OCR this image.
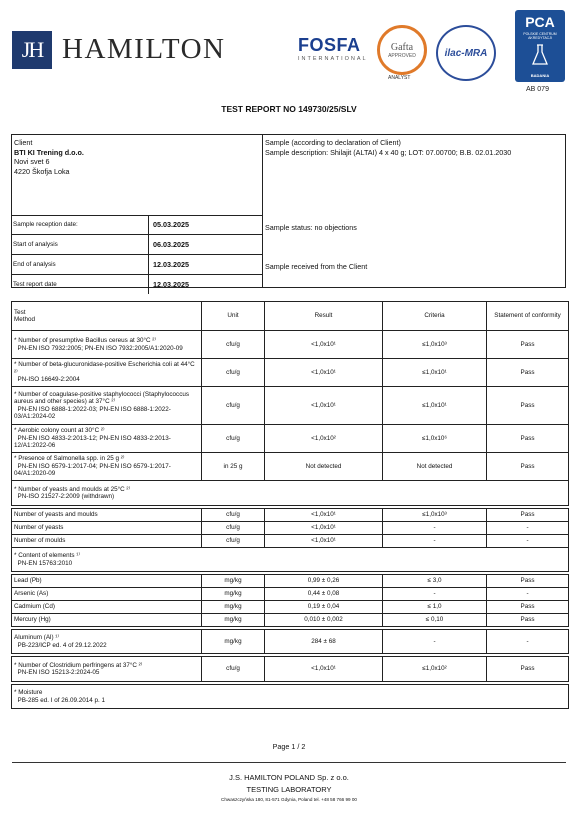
JH HAMILTON	FOSFA
INTERNATIONAL
Gafta
APPROVED
ANALYST
ilac-MRA
PCA
POLSKIE CENTRUM AKREDYTACJI
BADANIA
AB 079
TEST REPORT NO 149730/25/SLV
Client
BTI KI Trening d.o.o.
Novi svet 6
4220 Škofja Loka
Sample (according to declaration of Client)
Sample description: Shilajit (ALTAI) 4 x 40 g; LOT: 07.00700; B.B. 02.01.2030
Sample status: no objections
Sample received from the Client
Sample reception date:	05.03.2025
Start of analysis	06.03.2025
End of analysis	12.03.2025
Test report date	12.03.2025
Test
Method	Unit	Result	Criteria	Statement of conformity
* Number of presumptive Bacillus cereus at 30°C ²⁾
PN-EN ISO 7932:2005; PN-EN ISO 7932:2005/A1:2020-09	cfu/g	<1,0x10¹	≤1,0x10³	Pass
* Number of beta-glucuronidase-positive Escherichia coli at 44°C ²⁾
PN-ISO 16649-2:2004	cfu/g	<1,0x10¹	≤1,0x10¹	Pass
* Number of coagulase-positive staphylococci (Staphylococcus aureus and other species) at 37°C ²⁾
PN-EN ISO 6888-1:2022-03; PN-EN ISO 6888-1:2022-03/A1:2024-02	cfu/g	<1,0x10¹	≤1,0x10¹	Pass
* Aerobic colony count at 30°C ²⁾
PN-EN ISO 4833-2:2013-12; PN-EN ISO 4833-2:2013-12/A1:2022-06	cfu/g	<1,0x10²	≤1,0x10⁶	Pass
* Presence of Salmonella spp. in 25 g ²⁾
PN-EN ISO 6579-1:2017-04; PN-EN ISO 6579-1:2017-04/A1:2020-09	in 25 g	Not detected	Not detected	Pass
* Number of yeasts and moulds at 25°C ²⁾
PN-ISO 21527-2:2009 (withdrawn)				

Number of yeasts and moulds	cfu/g	<1,0x10¹	≤1,0x10³	Pass
Number of yeasts	cfu/g	<1,0x10¹	-	-
Number of moulds	cfu/g	<1,0x10¹	-	-
* Content of elements ¹⁾
PN-EN 15763:2010				

Lead (Pb)	mg/kg	0,99 ± 0,26	≤ 3,0	Pass
Arsenic (As)	mg/kg	0,44 ± 0,08	-	-
Cadmium (Cd)	mg/kg	0,19 ± 0,04	≤ 1,0	Pass
Mercury (Hg)	mg/kg	0,010 ± 0,002	≤ 0,10	Pass

Aluminum (Al) ¹⁾
PB-223/ICP ed. 4 of 29.12.2022	mg/kg	284 ± 68	-	-

* Number of Clostridium perfringens at 37°C ²⁾
PN-EN ISO 15213-2:2024-05	cfu/g	<1,0x10¹	≤1,0x10²	Pass

* Moisture
PB-285 ed. I of 26.09.2014 p. 1				
Page 1 / 2
J.S. HAMILTON POLAND Sp. z o.o.
TESTING LABORATORY
Chwaszczyńska 180, 81-571 Gdynia, Poland tel. +48 58 766 99 00
